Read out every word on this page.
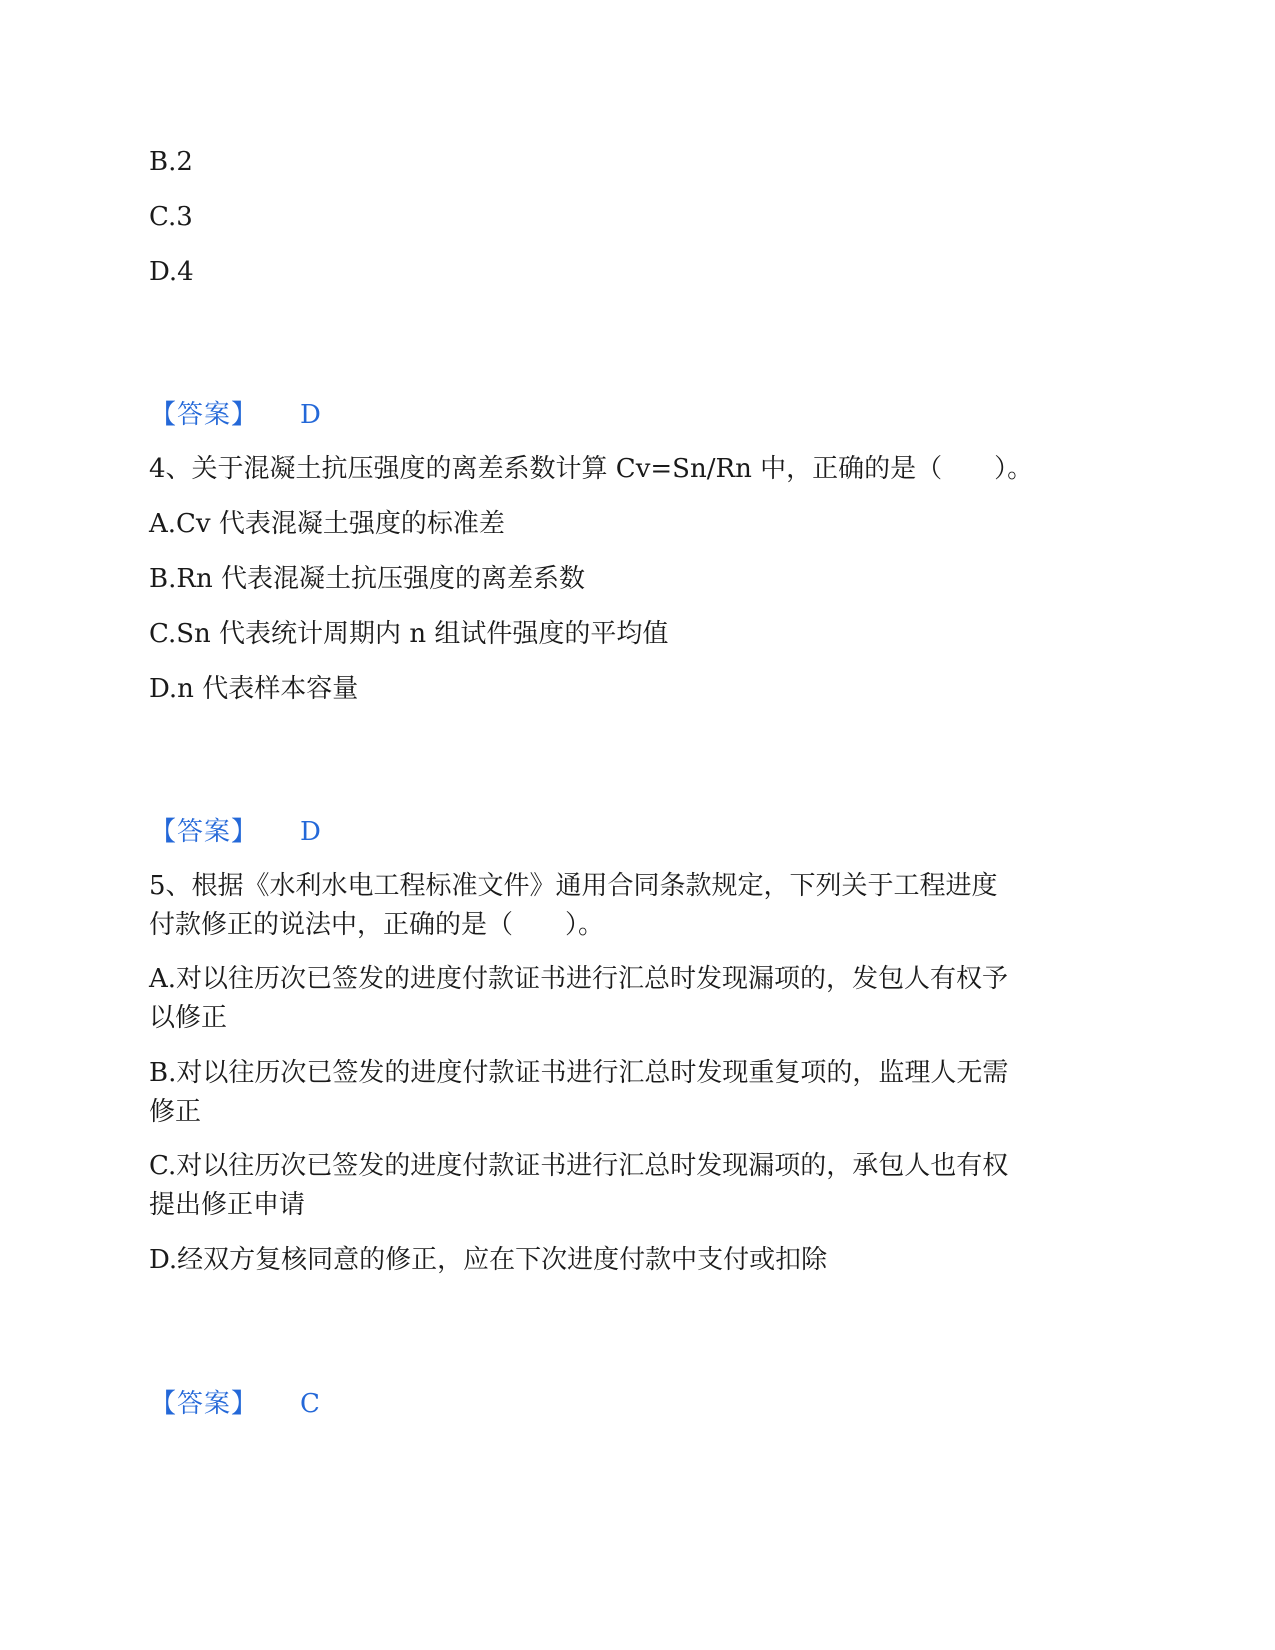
B.2
C.3
D.4
【答案】 D
4、关于混凝土抗压强度的离差系数计算 Cv=Sn/Rn 中，正确的是（　　）。
A.Cv 代表混凝土强度的标准差
B.Rn 代表混凝土抗压强度的离差系数
C.Sn 代表统计周期内 n 组试件强度的平均值
D.n 代表样本容量
【答案】 D
5、根据《水利水电工程标准文件》通用合同条款规定，下列关于工程进度
付款修正的说法中，正确的是（　　）。
A.对以往历次已签发的进度付款证书进行汇总时发现漏项的，发包人有权予
以修正
B.对以往历次已签发的进度付款证书进行汇总时发现重复项的，监理人无需
修正
C.对以往历次已签发的进度付款证书进行汇总时发现漏项的，承包人也有权
提出修正申请
D.经双方复核同意的修正，应在下次进度付款中支付或扣除
【答案】 C
